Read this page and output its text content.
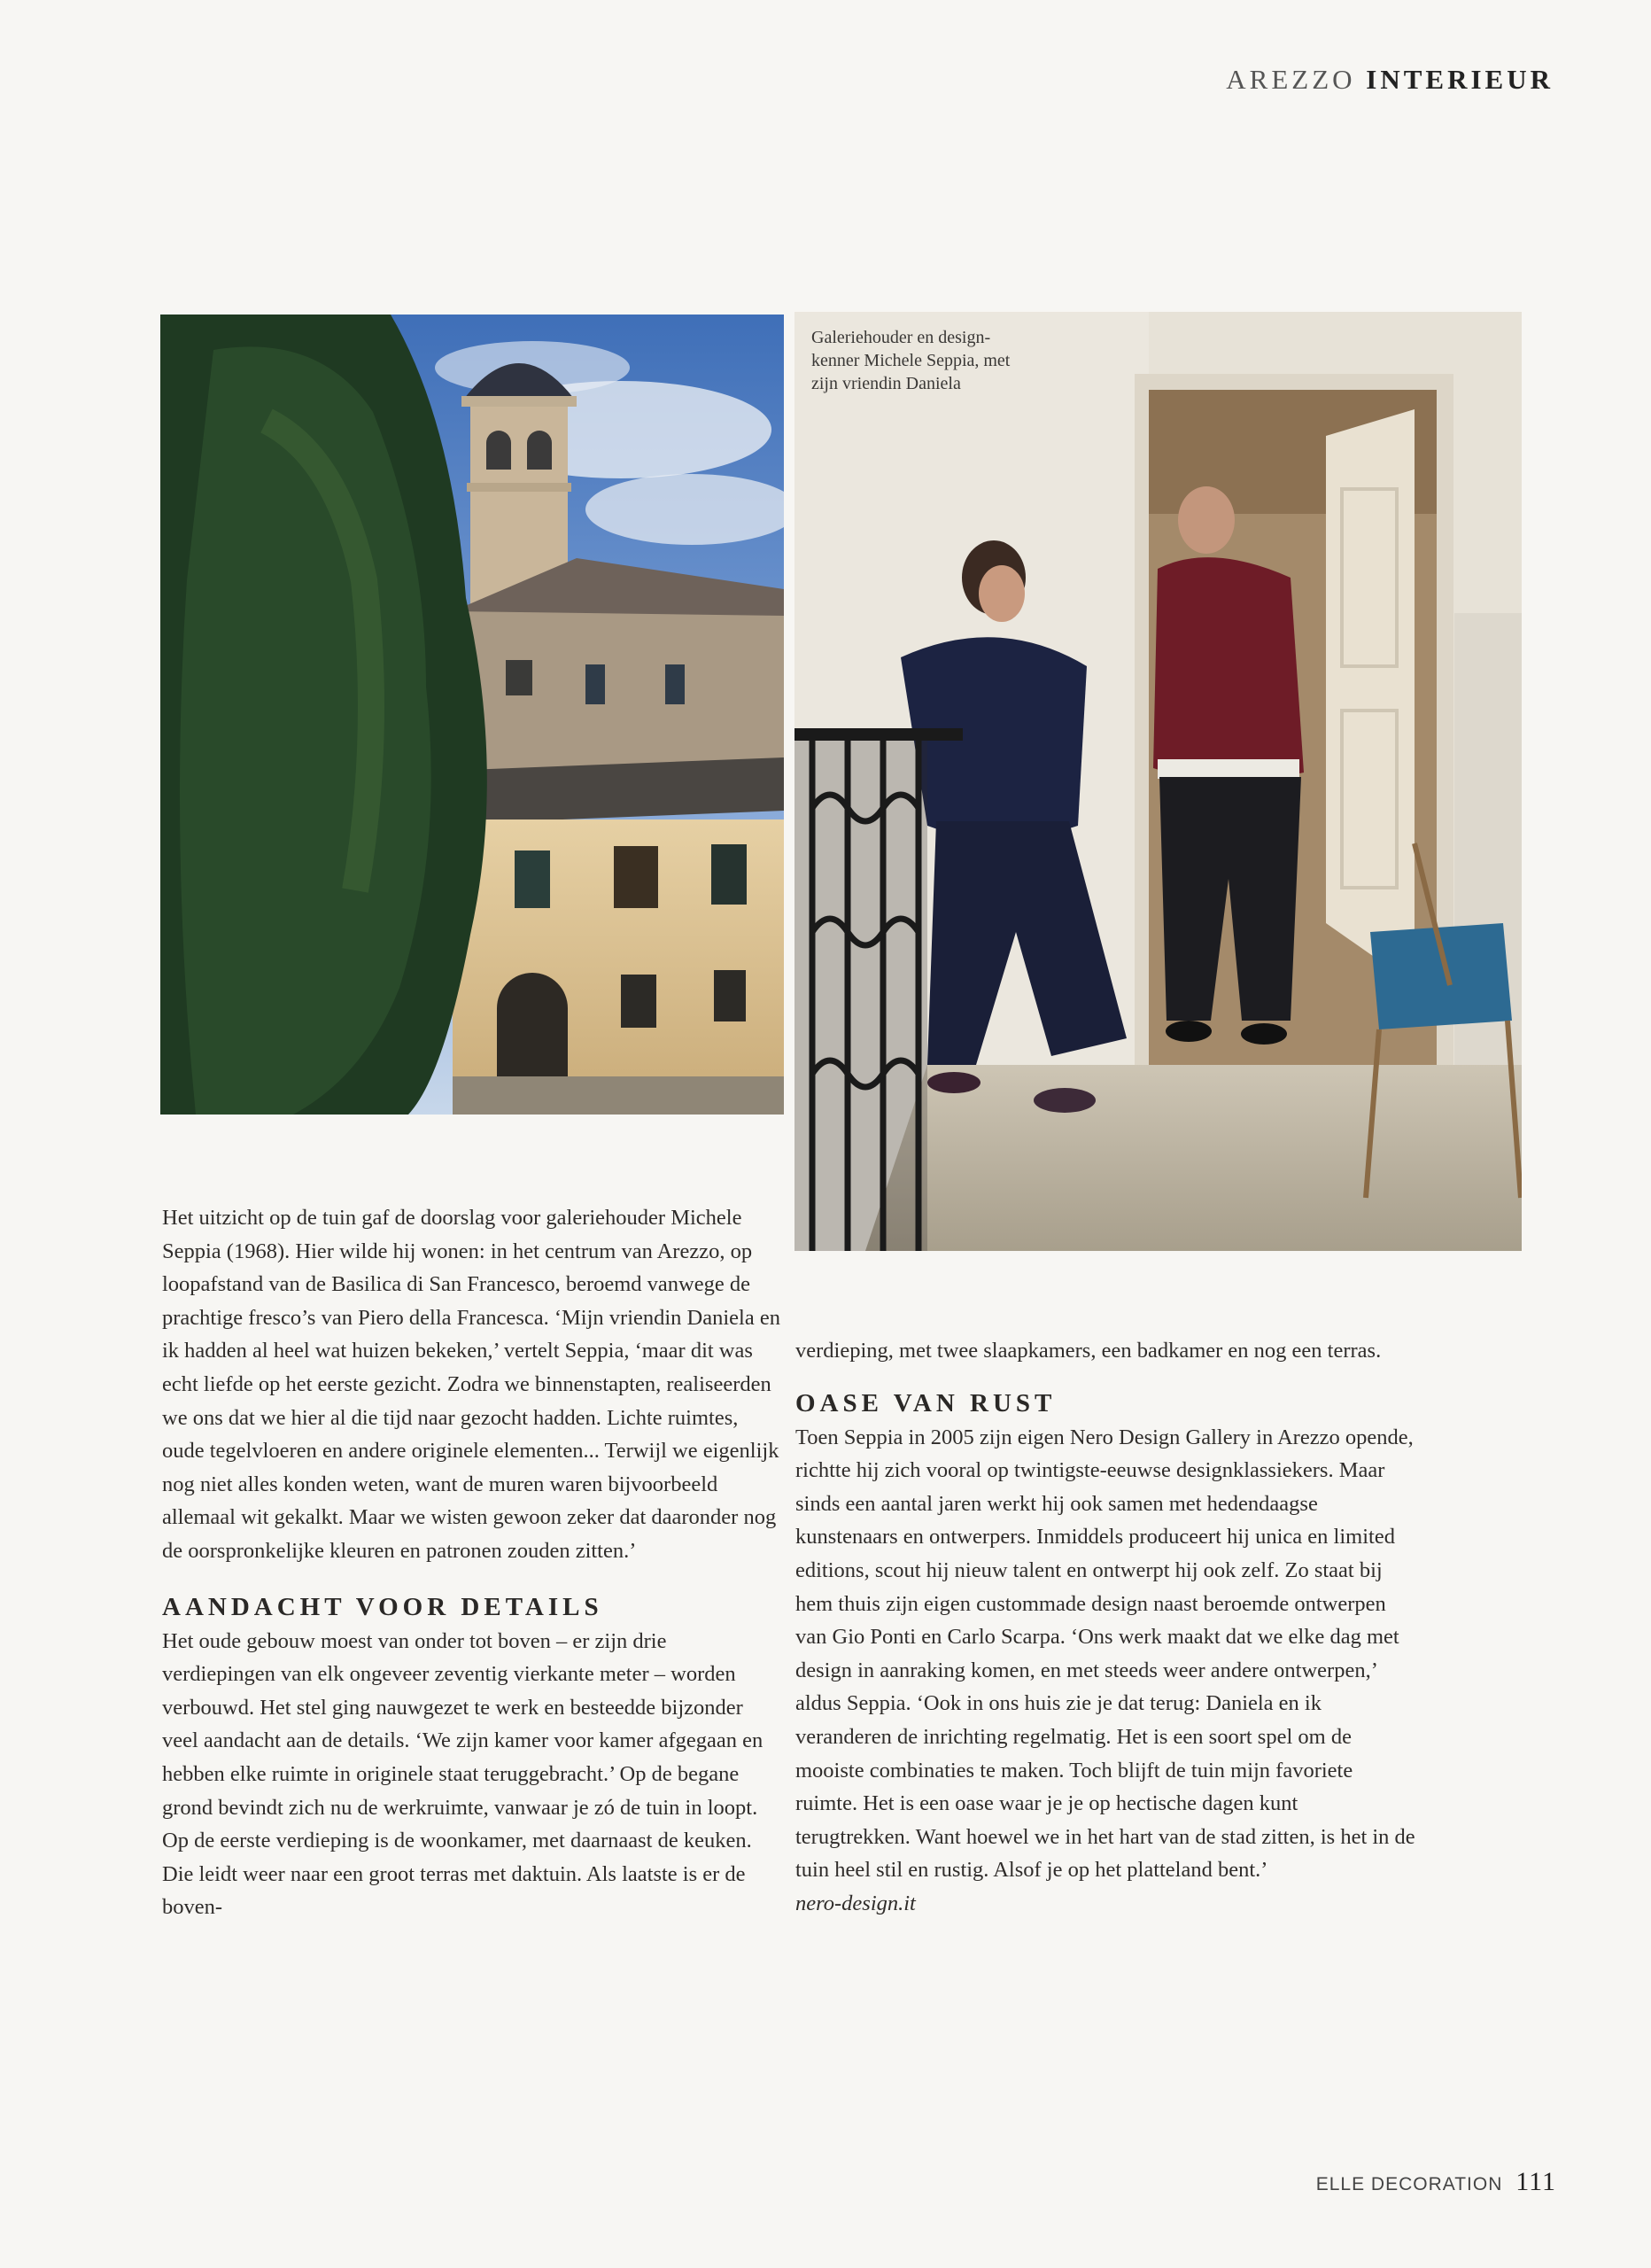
AREZZO INTERIEUR
Galeriehouder en design-
kenner Michele Seppia, met
zijn vriendin Daniela

Het uitzicht op de tuin gaf de doorslag voor galeriehouder Michele Seppia (1968). Hier wilde hij wonen: in het centrum van Arezzo, op loopafstand van de Basilica di San Francesco, beroemd vanwege de prachtige fresco’s van Piero della Francesca. ‘Mijn vriendin Daniela en ik hadden al heel wat huizen bekeken,’ vertelt Seppia, ‘maar dit was echt liefde op het eerste gezicht. Zodra we binnenstapten, realiseerden we ons dat we hier al die tijd naar gezocht hadden. Lichte ruimtes, oude tegelvloeren en andere originele elementen... Terwijl we eigenlijk nog niet alles konden weten, want de muren waren bijvoorbeeld allemaal wit gekalkt. Maar we wisten gewoon zeker dat daaronder nog de oorspronkelijke kleuren en patronen zouden zitten.’

AANDACHT VOOR DETAILS

Het oude gebouw moest van onder tot boven – er zijn drie verdiepingen van elk ongeveer zeventig vierkante meter – worden verbouwd. Het stel ging nauwgezet te werk en besteedde bijzonder veel aandacht aan de details. ‘We zijn kamer voor kamer afgegaan en hebben elke ruimte in originele staat teruggebracht.’ Op de begane grond bevindt zich nu de werkruimte, vanwaar je zó de tuin in loopt. Op de eerste verdieping is de woonkamer, met daarnaast de keuken. Die leidt weer naar een groot terras met daktuin. Als laatste is er de boven-

verdieping, met twee slaapkamers, een badkamer en nog een terras.

OASE VAN RUST

Toen Seppia in 2005 zijn eigen Nero Design Gallery in Arezzo opende, richtte hij zich vooral op twintigste-eeuwse designklassiekers. Maar sinds een aantal jaren werkt hij ook samen met hedendaagse kunstenaars en ontwerpers. Inmiddels produceert hij unica en limited editions, scout hij nieuw talent en ontwerpt hij ook zelf. Zo staat bij hem thuis zijn eigen custommade design naast beroemde ontwerpen van Gio Ponti en Carlo Scarpa. ‘Ons werk maakt dat we elke dag met design in aanraking komen, en met steeds weer andere ontwerpen,’ aldus Seppia. ‘Ook in ons huis zie je dat terug: Daniela en ik veranderen de inrichting regelmatig. Het is een soort spel om de mooiste combinaties te maken. Toch blijft de tuin mijn favoriete ruimte. Het is een oase waar je je op hectische dagen kunt terugtrekken. Want hoewel we in het hart van de stad zitten, is het in de tuin heel stil en rustig. Alsof je op het platteland bent.’

nero-design.it

ELLE DECORATION 111
